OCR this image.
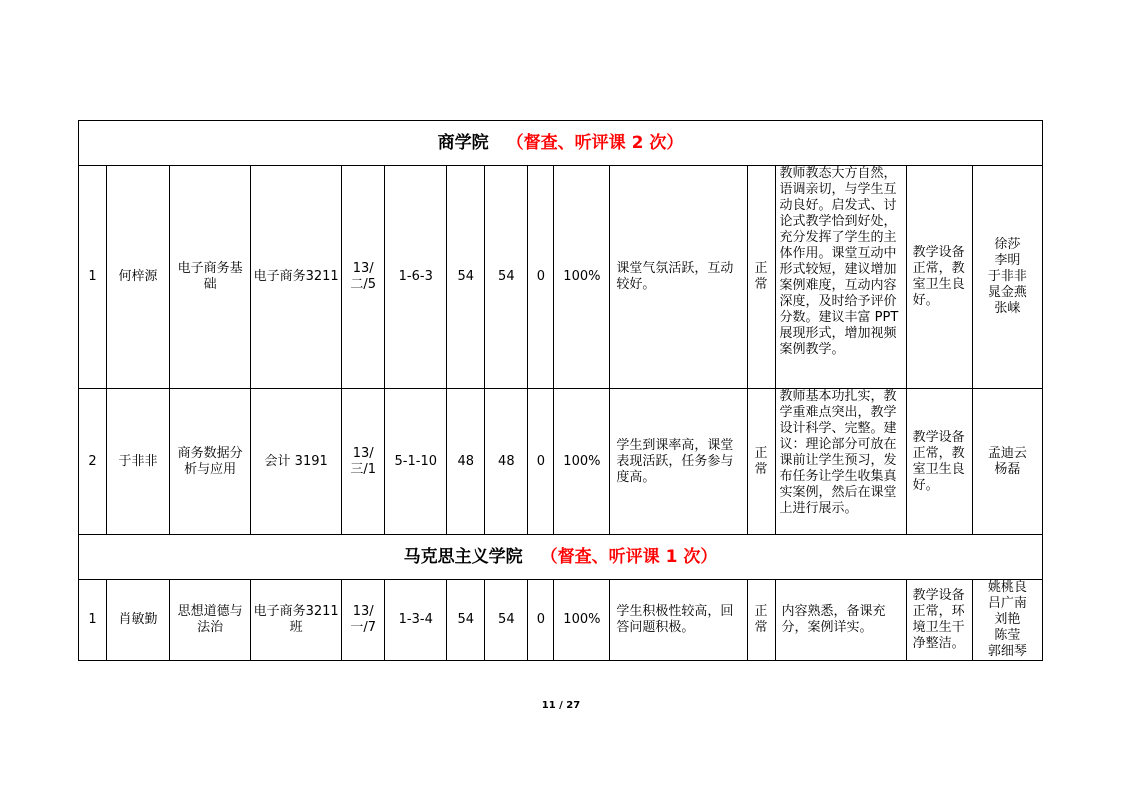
商学院 （督查、听评课 2 次）														
1	何梓源	电子商务基础	电子商务3211	13/二/5	1-6-3	54	54	0	100%	课堂气氛活跃，互动较好。	正常	教师教态大方自然，语调亲切，与学生互动良好。启发式、讨论式教学恰到好处，充分发挥了学生的主体作用。课堂互动中形式较短，建议增加案例难度，互动内容深度，及时给予评价分数。建议丰富 PPT 展现形式，增加视频案例教学。	教学设备正常，教室卫生良好。	徐莎
李明
于非非
晁金燕
张崃

2	于非非	商务数据分析与应用	会计 3191	13/三/1	5-1-10	48	48	0	100%	学生到课率高，课堂表现活跃，任务参与度高。	正常	教师基本功扎实，教学重难点突出，教学设计科学、完整。建议：理论部分可放在课前让学生预习，发布任务让学生收集真实案例，然后在课堂上进行展示。	教学设备正常，教室卫生良好。	孟迪云
杨磊

马克思主义学院 （督查、听评课 1 次）														
1	肖敏勤	思想道德与法治	电子商务3211 班	13/一/7	1-3-4	54	54	0	100%	学生积极性较高，回答问题积极。	正常	内容熟悉，备课充分，案例详实。	教学设备正常，环境卫生干净整洁。	姚桃良
吕广南
刘艳
陈莹
郭细琴
11 / 27
